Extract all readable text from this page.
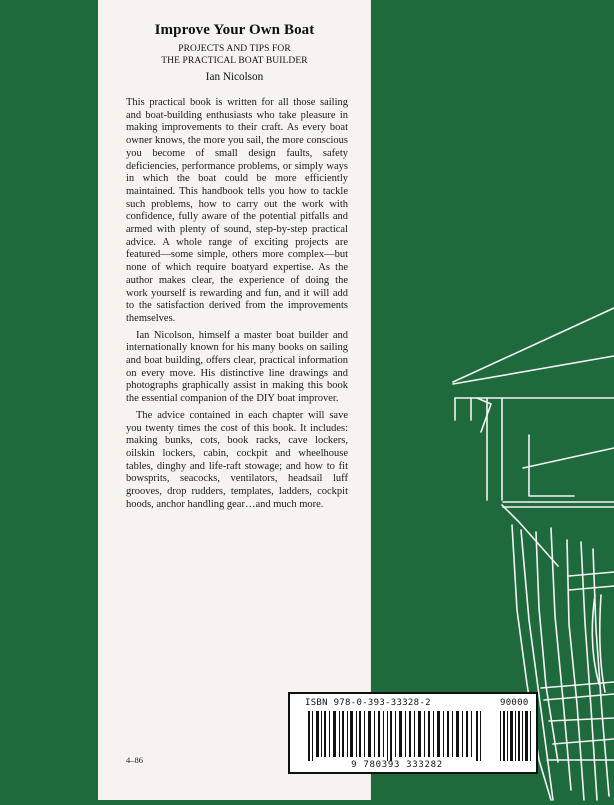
Improve Your Own Boat
PROJECTS AND TIPS FOR
THE PRACTICAL BOAT BUILDER
Ian Nicolson

This practical book is written for all those sailing and boat-building enthusiasts who take pleasure in making improvements to their craft. As every boat owner knows, the more you sail, the more conscious you become of small design faults, safety deficiencies, performance problems, or simply ways in which the boat could be more efficiently maintained. This handbook tells you how to tackle such problems, how to carry out the work with confidence, fully aware of the potential pitfalls and armed with plenty of sound, step-by-step practical advice. A whole range of exciting projects are featured—some simple, others more complex—but none of which require boatyard expertise. As the author makes clear, the experience of doing the work yourself is rewarding and fun, and it will add to the satisfaction derived from the improvements themselves.

Ian Nicolson, himself a master boat builder and internationally known for his many books on sailing and boat building, offers clear, practical information on every move. His distinctive line drawings and photographs graphically assist in making this book the essential companion of the DIY boat improver.

The advice contained in each chapter will save you twenty times the cost of this book. It includes: making bunks, cots, book racks, cave lockers, oilskin lockers, cabin, cockpit and wheelhouse tables, dinghy and life-raft stowage; and how to fit bowsprits, seacocks, ventilators, headsail luff grooves, drop rudders, templates, ladders, cockpit hoods, anchor handling gear…and much more.

4–86
ISBN 978-0-393-33328-2	90000
9 780393 333282
